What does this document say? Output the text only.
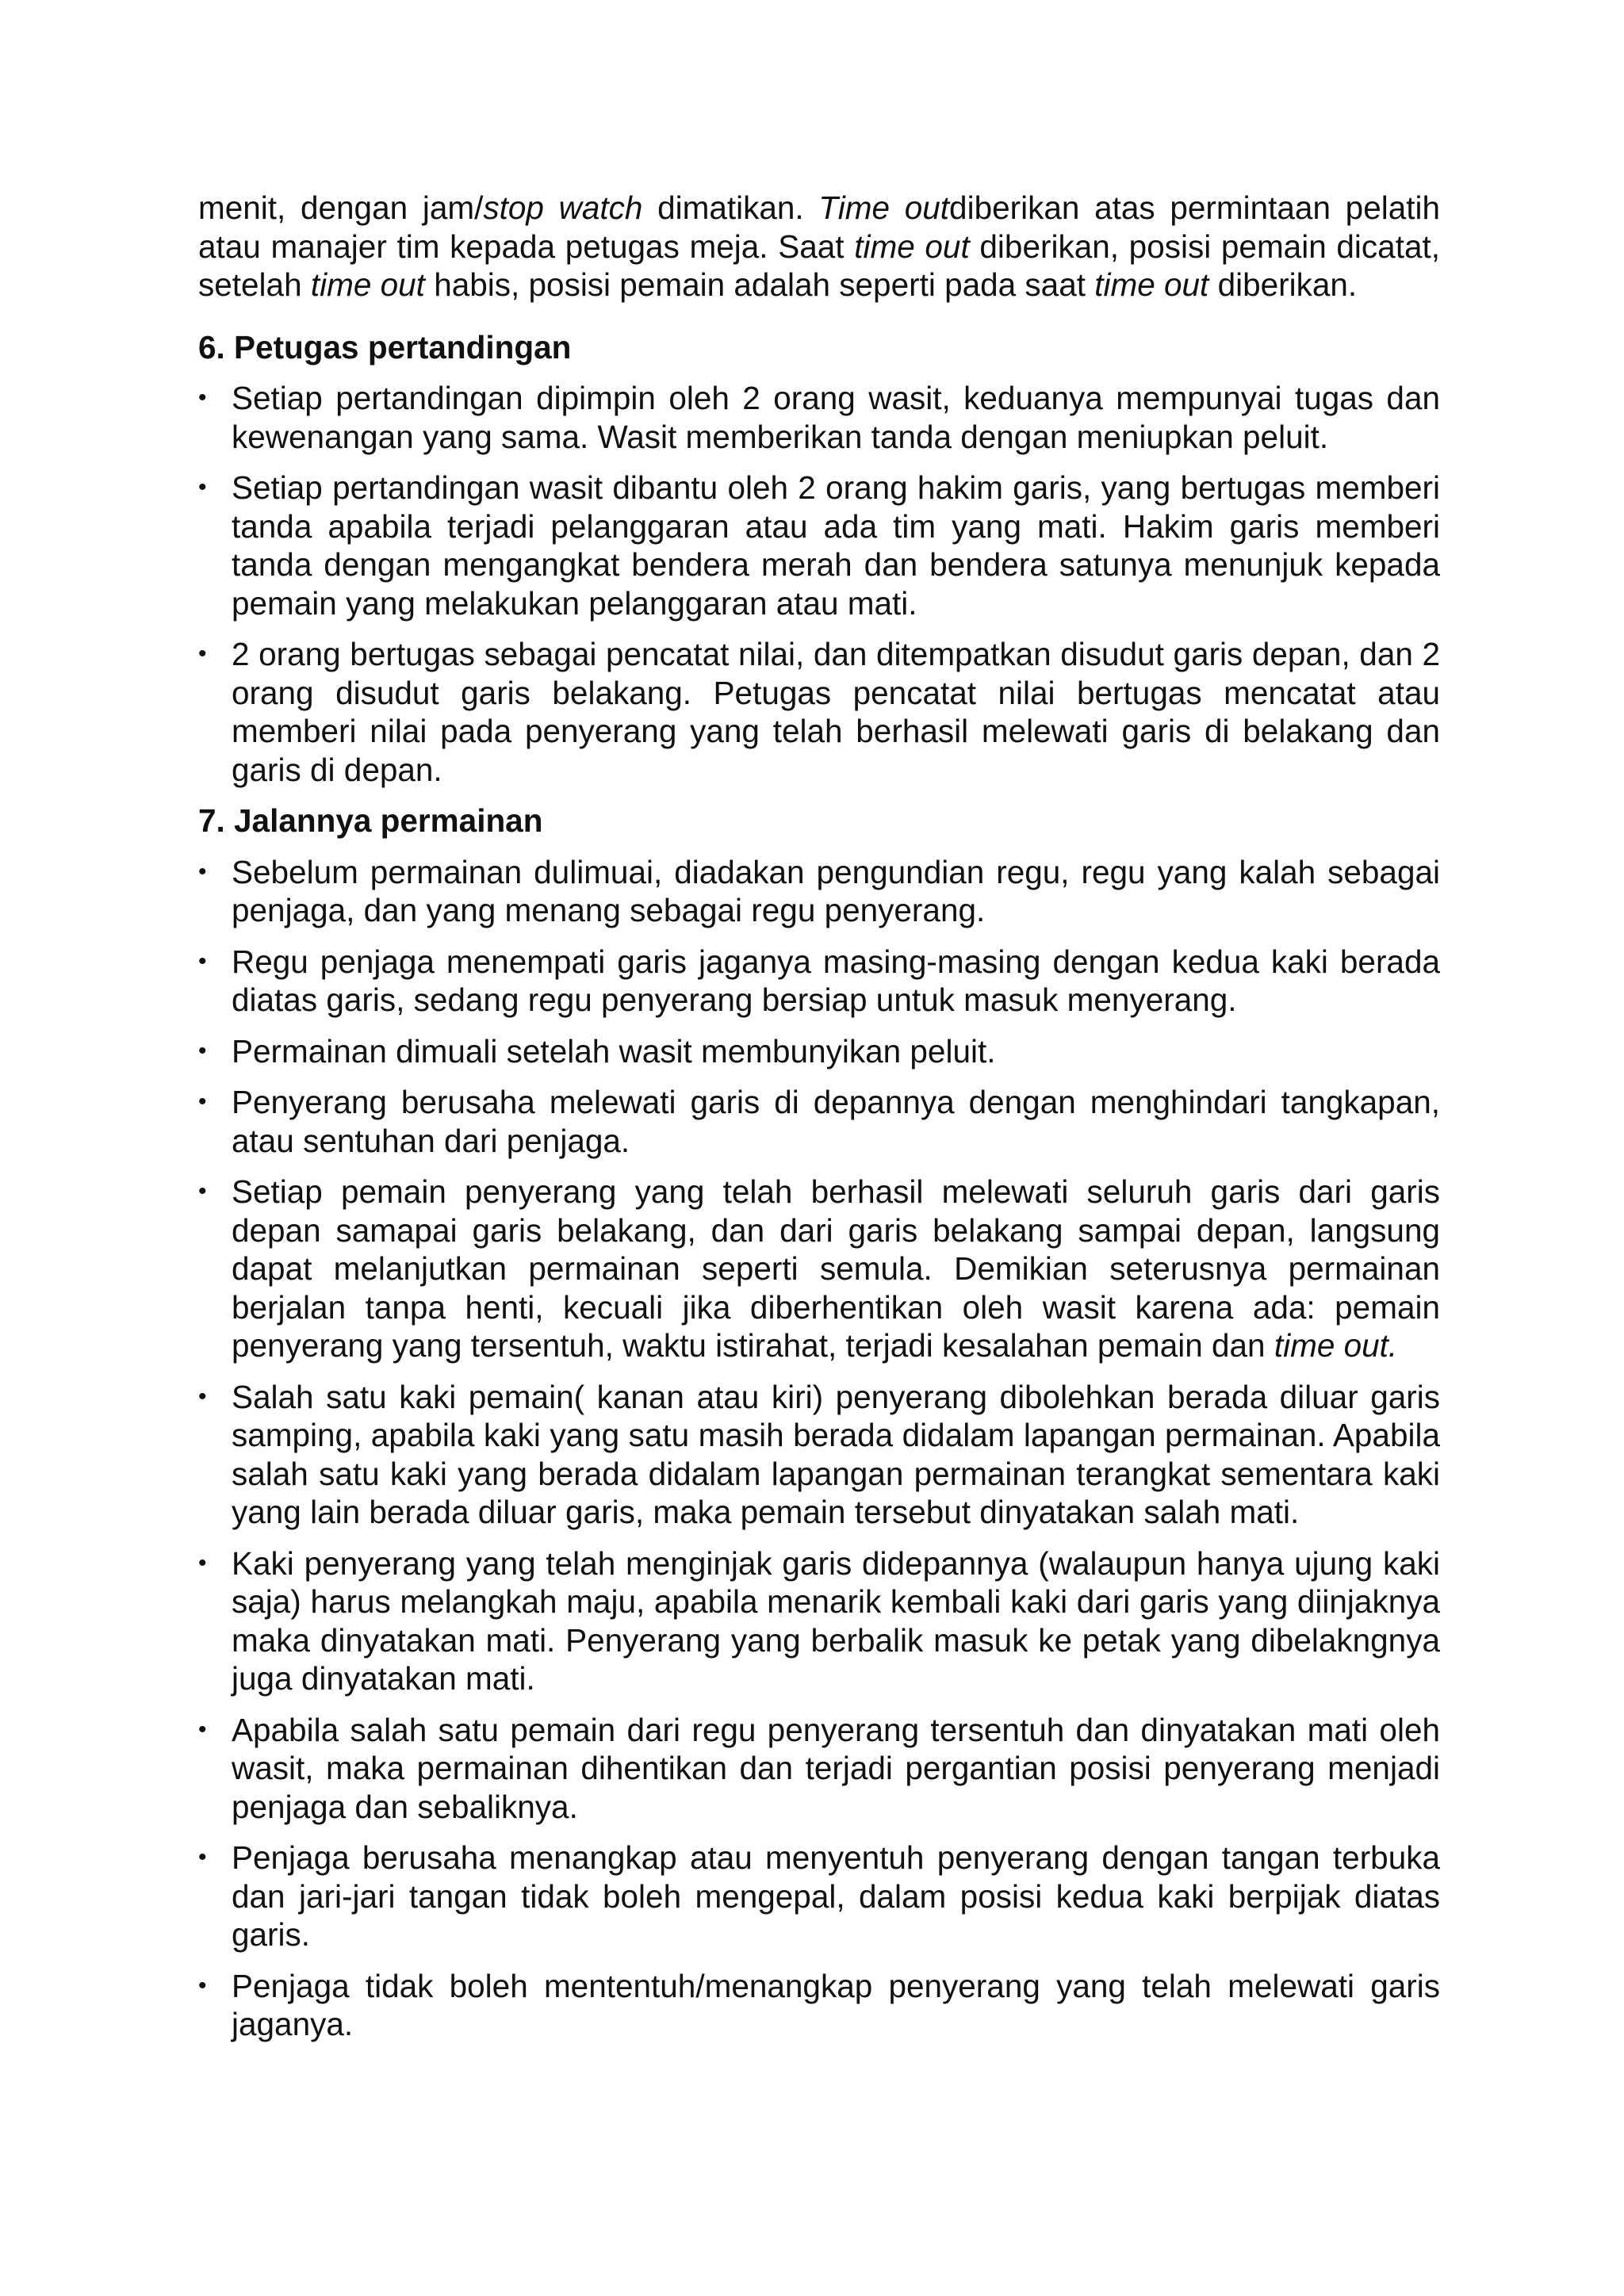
menit, dengan jam/stop watch dimatikan. Time outdiberikan atas permintaan pelatih atau manajer tim kepada petugas meja. Saat time out diberikan, posisi pemain dicatat, setelah time out habis, posisi pemain adalah seperti pada saat time out diberikan.

6. Petugas pertandingan
• Setiap pertandingan dipimpin oleh 2 orang wasit, keduanya mempunyai tugas dan kewenangan yang sama. Wasit memberikan tanda dengan meniupkan peluit.
• Setiap pertandingan wasit dibantu oleh 2 orang hakim garis, yang bertugas memberi tanda apabila terjadi pelanggaran atau ada tim yang mati. Hakim garis memberi tanda dengan mengangkat bendera merah dan bendera satunya menunjuk kepada pemain yang melakukan pelanggaran atau mati.
• 2 orang bertugas sebagai pencatat nilai, dan ditempatkan disudut garis depan, dan 2 orang disudut garis belakang. Petugas pencatat nilai bertugas mencatat atau memberi nilai pada penyerang yang telah berhasil melewati garis di belakang dan garis di depan.
7. Jalannya permainan
• Sebelum permainan dulimuai, diadakan pengundian regu, regu yang kalah sebagai penjaga, dan yang menang sebagai regu penyerang.
• Regu penjaga menempati garis jaganya masing-masing dengan kedua kaki berada diatas garis, sedang regu penyerang bersiap untuk masuk menyerang.
• Permainan dimuali setelah wasit membunyikan peluit.
• Penyerang berusaha melewati garis di depannya dengan menghindari tangkapan, atau sentuhan dari penjaga.
• Setiap pemain penyerang yang telah berhasil melewati seluruh garis dari garis depan samapai garis belakang, dan dari garis belakang sampai depan, langsung dapat melanjutkan permainan seperti semula. Demikian seterusnya permainan berjalan tanpa henti, kecuali jika diberhentikan oleh wasit karena ada: pemain penyerang yang tersentuh, waktu istirahat, terjadi kesalahan pemain dan time out.
• Salah satu kaki pemain( kanan atau kiri) penyerang dibolehkan berada diluar garis samping, apabila kaki yang satu masih berada didalam lapangan permainan. Apabila salah satu kaki yang berada didalam lapangan permainan terangkat sementara kaki yang lain berada diluar garis, maka pemain tersebut dinyatakan salah mati.
• Kaki penyerang yang telah menginjak garis didepannya (walaupun hanya ujung kaki saja) harus melangkah maju, apabila menarik kembali kaki dari garis yang diinjaknya maka dinyatakan mati. Penyerang yang berbalik masuk ke petak yang dibelakngnya juga dinyatakan mati.
• Apabila salah satu pemain dari regu penyerang tersentuh dan dinyatakan mati oleh wasit, maka permainan dihentikan dan terjadi pergantian posisi penyerang menjadi penjaga dan sebaliknya.
• Penjaga berusaha menangkap atau menyentuh penyerang dengan tangan terbuka dan jari-jari tangan tidak boleh mengepal, dalam posisi kedua kaki berpijak diatas garis.
• Penjaga tidak boleh mententuh/menangkap penyerang yang telah melewati garis jaganya.
